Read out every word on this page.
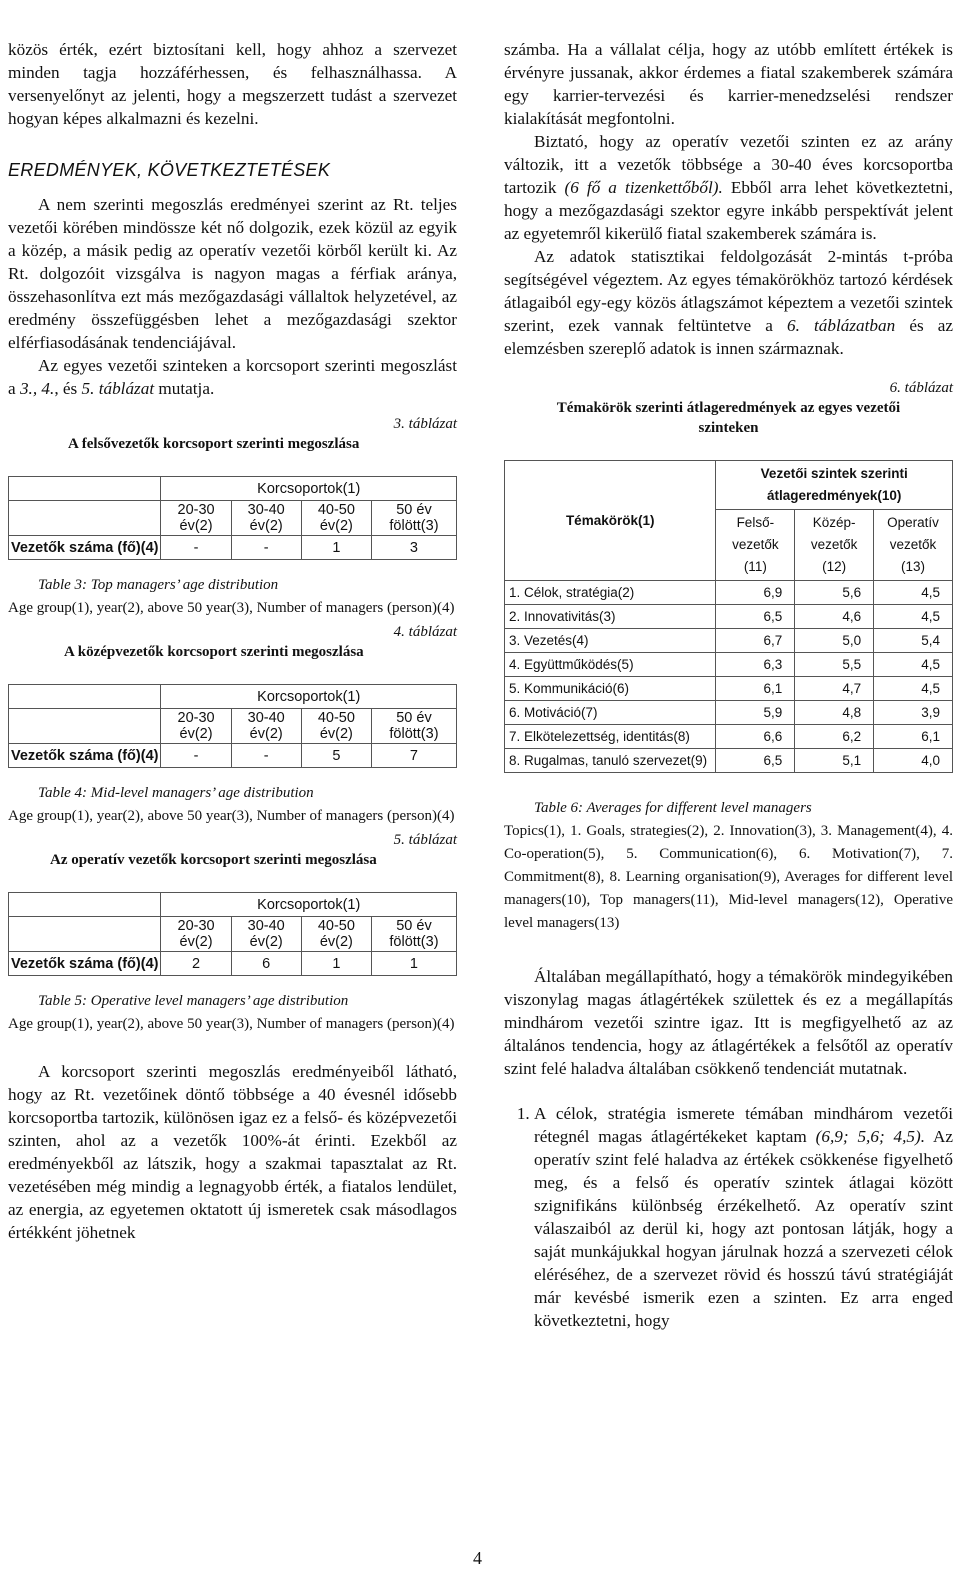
közös érték, ezért biztosítani kell, hogy ahhoz a szervezet minden tagja hozzáférhessen, és felhasználhassa. A versenyelőnyt az jelenti, hogy a megszerzett tudást a szervezet hogyan képes alkalmazni és kezelni.

EREDMÉNYEK, KÖVETKEZTETÉSEK

A nem szerinti megoszlás eredményei szerint az Rt. teljes vezetői körében mindössze két nő dolgozik, ezek közül az egyik a közép, a másik pedig az operatív vezetői körből került ki. Az Rt. dolgozóit vizsgálva is nagyon magas a férfiak aránya, összehasonlítva ezt más mezőgazdasági vállaltok helyzetével, az eredmény összefüggésben lehet a mezőgazdasági szektor elférfiasodásának tendenciájával.

Az egyes vezetői szinteken a korcsoport szerinti megoszlást a 3., 4., és 5. táblázat mutatja.

3. táblázat
A felsővezetők korcsoport szerinti megoszlása
	Korcsoportok(1)			
	20-30 év(2)	30-40 év(2)	40-50 év(2)	50 év fölött(3)
Vezetők száma (fő)(4)	-	-	1	3
Table 3: Top managers’ age distribution
Age group(1), year(2), above 50 year(3), Number of managers (person)(4)
4. táblázat
A középvezetők korcsoport szerinti megoszlása
	Korcsoportok(1)			
	20-30 év(2)	30-40 év(2)	40-50 év(2)	50 év fölött(3)
Vezetők száma (fő)(4)	-	-	5	7
Table 4: Mid-level managers’ age distribution
Age group(1), year(2), above 50 year(3), Number of managers (person)(4)
5. táblázat
Az operatív vezetők korcsoport szerinti megoszlása
	Korcsoportok(1)			
	20-30 év(2)	30-40 év(2)	40-50 év(2)	50 év fölött(3)
Vezetők száma (fő)(4)	2	6	1	1
Table 5: Operative level managers’ age distribution
Age group(1), year(2), above 50 year(3), Number of managers (person)(4)

A korcsoport szerinti megoszlás eredményeiből látható, hogy az Rt. vezetőinek döntő többsége a 40 évesnél idősebb korcsoportba tartozik, különösen igaz ez a felső- és középvezetői szinten, ahol az a vezetők 100%-át érinti. Ezekből az eredményekből az látszik, hogy a szakmai tapasztalat az Rt. vezetésében még mindig a legnagyobb érték, a fiatalos lendület, az energia, az egyetemen oktatott új ismeretek csak másodlagos értékként jöhetnek

számba. Ha a vállalat célja, hogy az utóbb említett értékek is érvényre jussanak, akkor érdemes a fiatal szakemberek számára egy karrier-tervezési és karrier-menedzselési rendszer kialakítását megfontolni.

Biztató, hogy az operatív vezetői szinten ez az arány változik, itt a vezetők többsége a 30-40 éves korcsoportba tartozik (6 fő a tizenkettőből). Ebből arra lehet következtetni, hogy a mezőgazdasági szektor egyre inkább perspektívát jelent az egyetemről kikerülő fiatal szakemberek számára is.

Az adatok statisztikai feldolgozását 2-mintás t-próba segítségével végeztem. Az egyes témakörökhöz tartozó kérdések átlagaiból egy-egy közös átlagszámot képeztem a vezetői szintek szerint, ezek vannak feltüntetve a 6. táblázatban és az elemzésben szereplő adatok is innen származnak.

6. táblázat
Témakörök szerinti átlageredmények az egyes vezetői szinteken
Témakörök(1)	Vezetői szintek szerinti átlageredmények(10)		
	Felső-vezetők (11)	Közép-vezetők (12)	Operatív vezetők (13)
1. Célok, stratégia(2)	6,9	5,6	4,5
2. Innovativitás(3)	6,5	4,6	4,5
3. Vezetés(4)	6,7	5,0	5,4
4. Együttműködés(5)	6,3	5,5	4,5
5. Kommunikáció(6)	6,1	4,7	4,5
6. Motiváció(7)	5,9	4,8	3,9
7. Elkötelezettség, identitás(8)	6,6	6,2	6,1
8. Rugalmas, tanuló szervezet(9)	6,5	5,1	4,0
Table 6: Averages for different level managers
Topics(1), 1. Goals, strategies(2), 2. Innovation(3), 3. Management(4), 4. Co-operation(5), 5. Communication(6), 6. Motivation(7), 7. Commitment(8), 8. Learning organisation(9), Averages for different level managers(10), Top managers(11), Mid-level managers(12), Operative level managers(13)

Általában megállapítható, hogy a témakörök mindegyikében viszonylag magas átlagértékek születtek és ez a megállapítás mindhárom vezetői szintre igaz. Itt is megfigyelhető az az általános tendencia, hogy az átlagértékek a felsőtől az operatív szint felé haladva általában csökkenő tendenciát mutatnak.

1. A célok, stratégia ismerete témában mindhárom vezetői rétegnél magas átlagértékeket kaptam (6,9; 5,6; 4,5). Az operatív szint felé haladva az értékek csökkenése figyelhető meg, és a felső és operatív szintek átlagai között szignifikáns különbség érzékelhető. Az operatív szint válaszaiból az derül ki, hogy azt pontosan látják, hogy a saját munkájukkal hogyan járulnak hozzá a szervezeti célok eléréséhez, de a szervezet rövid és hosszú távú stratégiáját már kevésbé ismerik ezen a szinten. Ez arra enged következtetni, hogy
4
